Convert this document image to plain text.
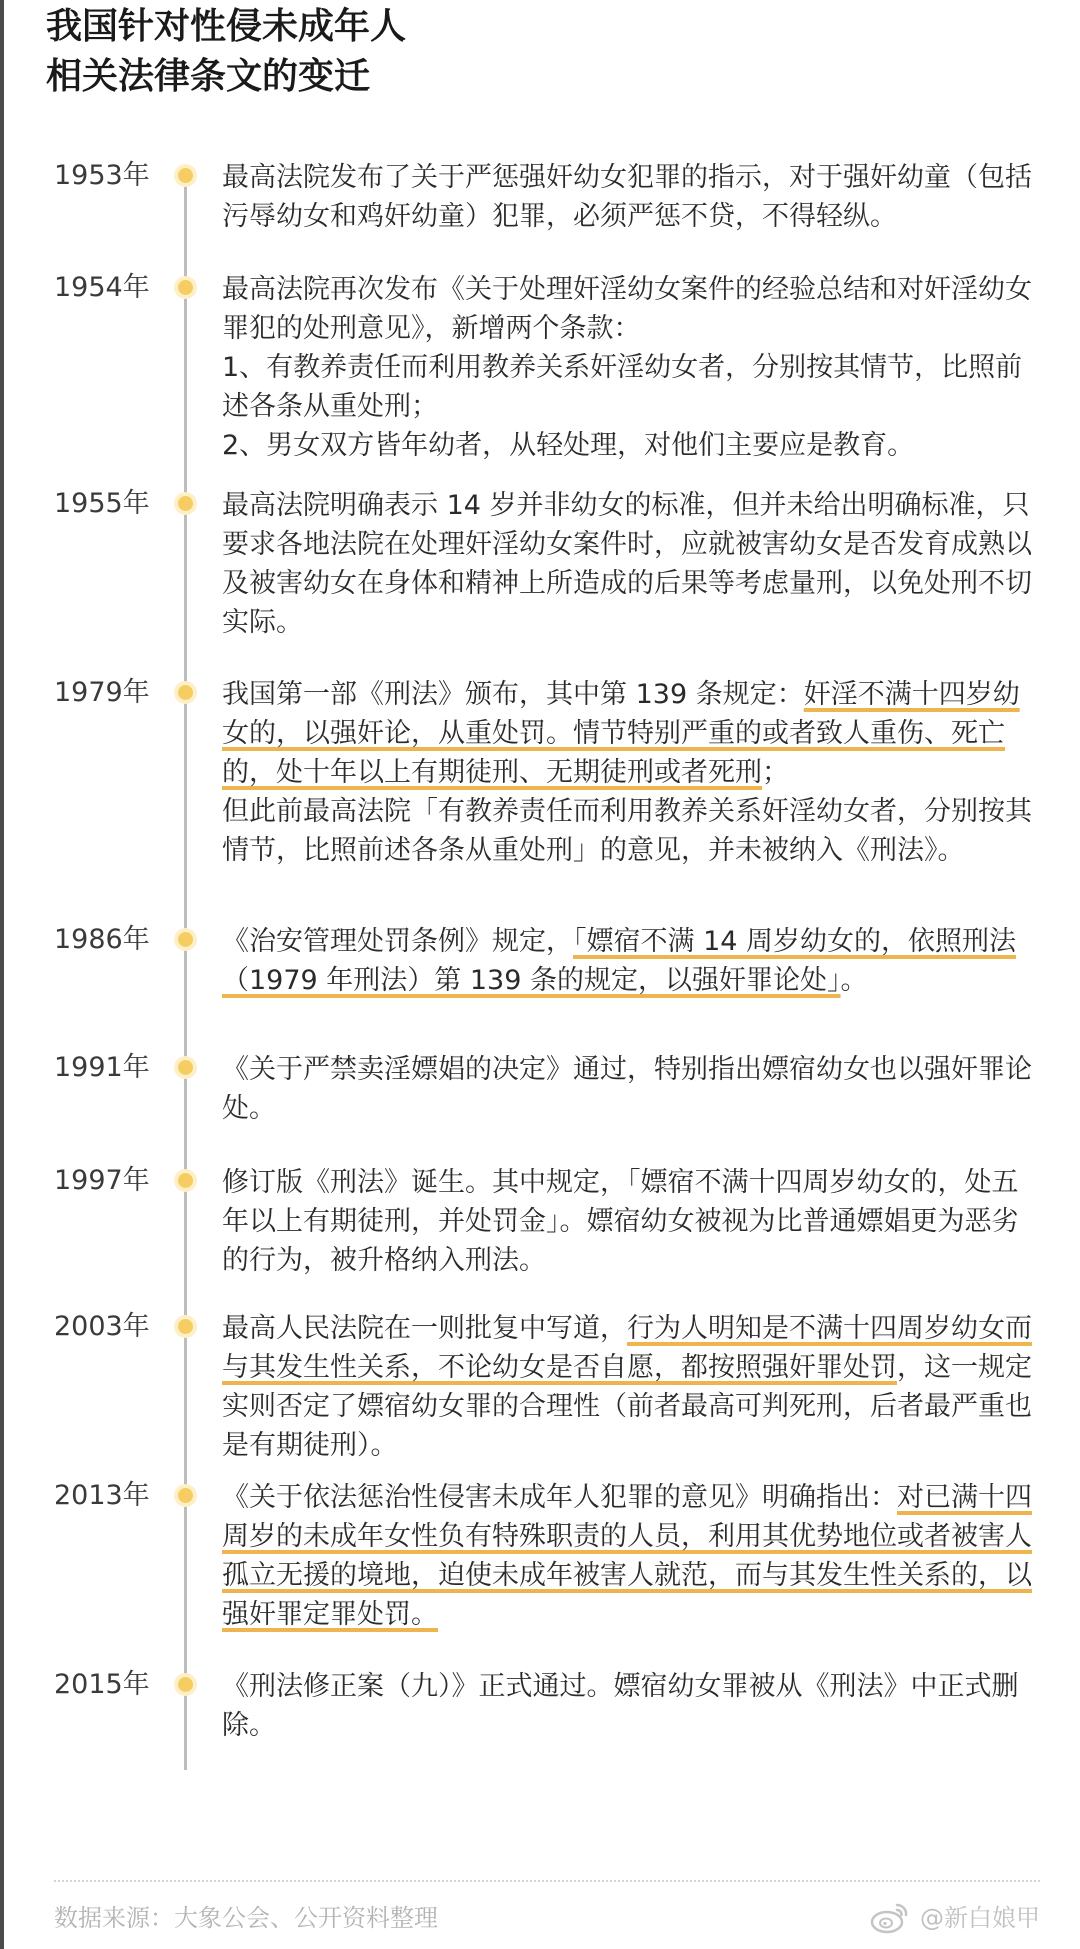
我国针对性侵未成年人
相关法律条文的变迁
1953年	最高法院发布了关于严惩强奸幼女犯罪的指示，对于强奸幼童（包括污辱幼女和鸡奸幼童）犯罪，必须严惩不贷，不得轻纵。

1954年	最高法院再次发布《关于处理奸淫幼女案件的经验总结和对奸淫幼女罪犯的处刑意见》，新增两个条款：

1、有教养责任而利用教养关系奸淫幼女者，分别按其情节，比照前述各条从重处刑；

2、男女双方皆年幼者，从轻处理，对他们主要应是教育。

1955年	最高法院明确表示 14 岁并非幼女的标准，但并未给出明确标准，只要求各地法院在处理奸淫幼女案件时，应就被害幼女是否发育成熟以及被害幼女在身体和精神上所造成的后果等考虑量刑，以免处刑不切实际。

1979年	我国第一部《刑法》颁布，其中第 139 条规定：奸淫不满十四岁幼女的，以强奸论，从重处罚。情节特别严重的或者致人重伤、死亡的，处十年以上有期徒刑、无期徒刑或者死刑；

但此前最高法院「有教养责任而利用教养关系奸淫幼女者，分别按其情节，比照前述各条从重处刑」的意见，并未被纳入《刑法》。

1986年	《治安管理处罚条例》规定，「嫖宿不满 14 周岁幼女的，依照刑法（1979 年刑法）第 139 条的规定，以强奸罪论处」。

1991年	《关于严禁卖淫嫖娼的决定》通过，特别指出嫖宿幼女也以强奸罪论处。

1997年	修订版《刑法》诞生。其中规定，「嫖宿不满十四周岁幼女的，处五年以上有期徒刑，并处罚金」。嫖宿幼女被视为比普通嫖娼更为恶劣的行为，被升格纳入刑法。

2003年	最高人民法院在一则批复中写道，行为人明知是不满十四周岁幼女而与其发生性关系，不论幼女是否自愿，都按照强奸罪处罚，这一规定实则否定了嫖宿幼女罪的合理性（前者最高可判死刑，后者最严重也是有期徒刑）。

2013年	《关于依法惩治性侵害未成年人犯罪的意见》明确指出：对已满十四周岁的未成年女性负有特殊职责的人员，利用其优势地位或者被害人孤立无援的境地，迫使未成年被害人就范，而与其发生性关系的，以强奸罪定罪处罚。

2015年	《刑法修正案（九）》正式通过。嫖宿幼女罪被从《刑法》中正式删除。

数据来源：大象公会、公开资料整理	@新白娘甲
